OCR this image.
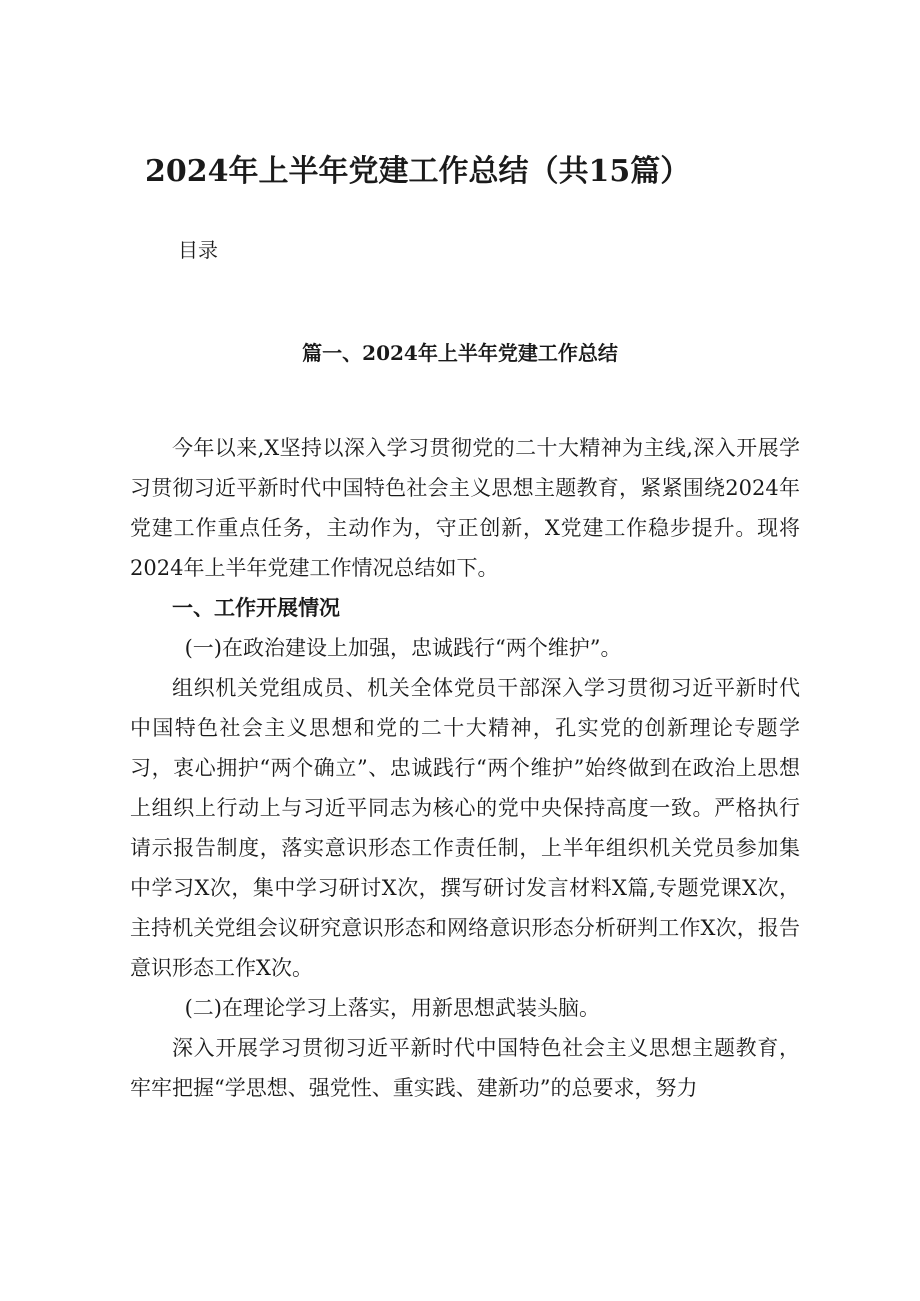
2024年上半年党建工作总结（共15篇）
目录
篇一、2024年上半年党建工作总结

今年以来,X坚持以深入学习贯彻党的二十大精神为主线,深入开展学习贯彻习近平新时代中国特色社会主义思想主题教育，紧紧围绕2024年党建工作重点任务，主动作为，守正创新，X党建工作稳步提升。现将2024年上半年党建工作情况总结如下。

一、工作开展情况

(一)在政治建设上加强，忠诚践行“两个维护”。

组织机关党组成员、机关全体党员干部深入学习贯彻习近平新时代中国特色社会主义思想和党的二十大精神，孔实党的创新理论专题学习，衷心拥护“两个确立”、忠诚践行“两个维护”始终做到在政治上思想上组织上行动上与习近平同志为核心的党中央保持高度一致。严格执行请示报告制度，落实意识形态工作责任制，上半年组织机关党员参加集中学习X次，集中学习研讨X次，撰写研讨发言材料X篇,专题党课X次，主持机关党组会议研究意识形态和网络意识形态分析研判工作X次，报告意识形态工作X次。

(二)在理论学习上落实，用新思想武装头脑。

深入开展学习贯彻习近平新时代中国特色社会主义思想主题教育，牢牢把握“学思想、强党性、重实践、建新功”的总要求，努力
